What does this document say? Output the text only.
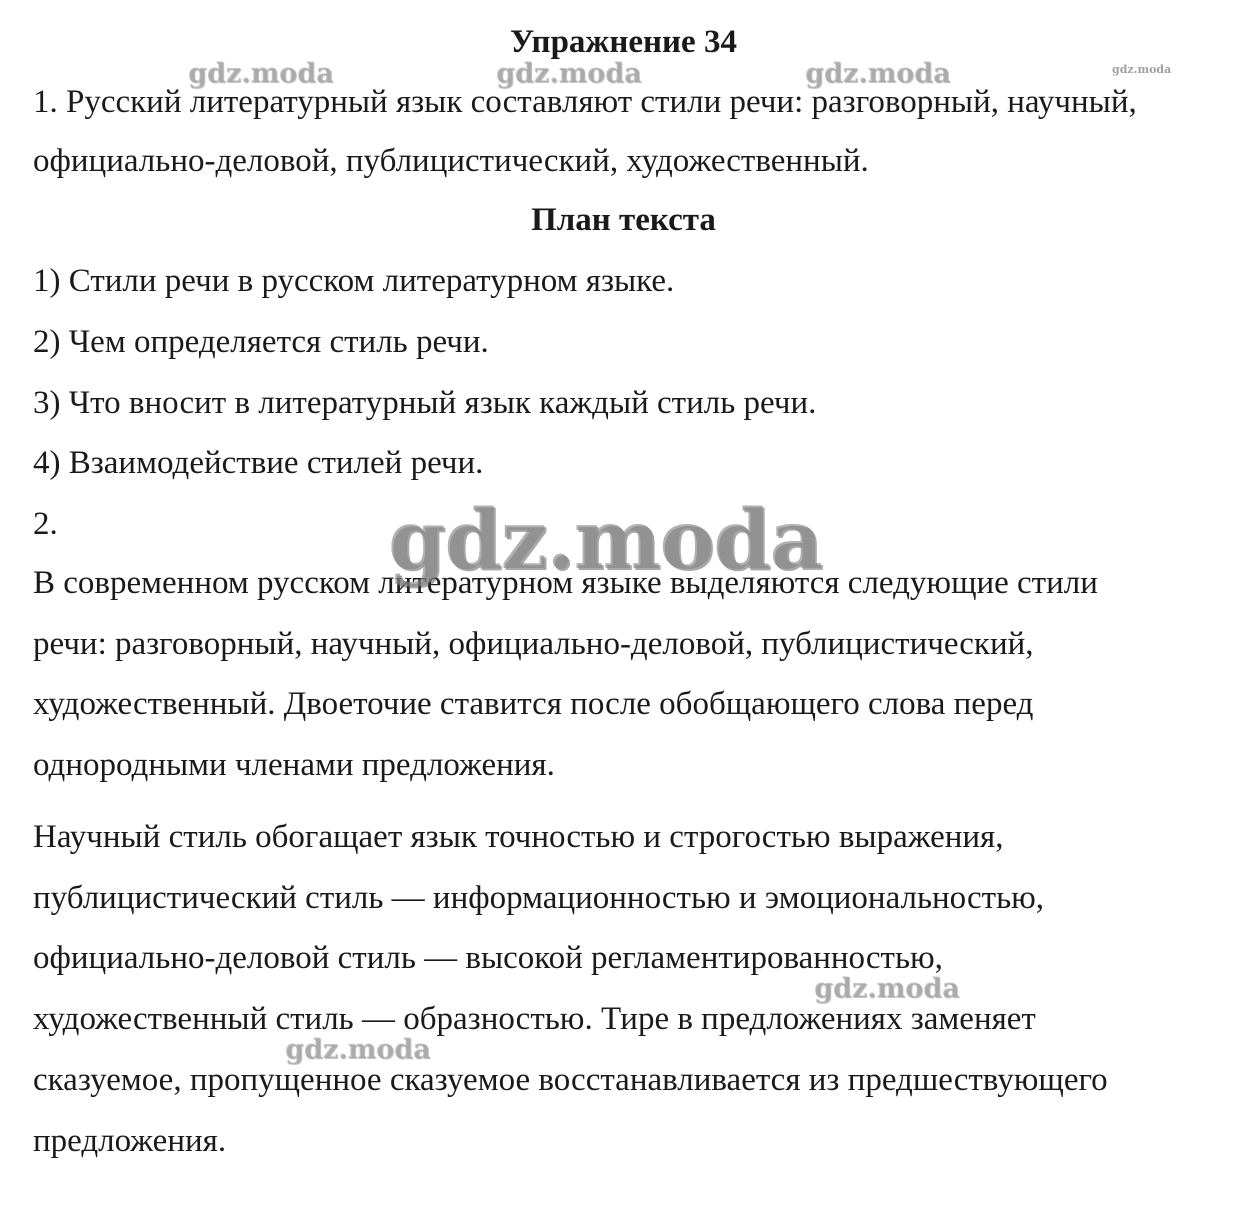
Упражнение 34
1. Русский литературный язык составляют стили речи: разговорный, научный,
официально-деловой, публицистический, художественный.
План текста
1) Стили речи в русском литературном языке.
2) Чем определяется стиль речи.
3) Что вносит в литературный язык каждый стиль речи.
4) Взаимодействие стилей речи.
2.
В современном русском литературном языке выделяются следующие стили
речи: разговорный, научный, официально-деловой, публицистический,
художественный. Двоеточие ставится после обобщающего слова перед
однородными членами предложения.
Научный стиль обогащает язык точностью и строгостью выражения,
публицистический стиль — информационностью и эмоциональностью,
официально-деловой стиль — высокой регламентированностью,
художественный стиль — образностью. Тире в предложениях заменяет
сказуемое, пропущенное сказуемое восстанавливается из предшествующего
предложения.
gdz.moda	gdz.moda	gdz.moda	gdz.moda
gdz.moda
gdz.moda
gdz.moda
